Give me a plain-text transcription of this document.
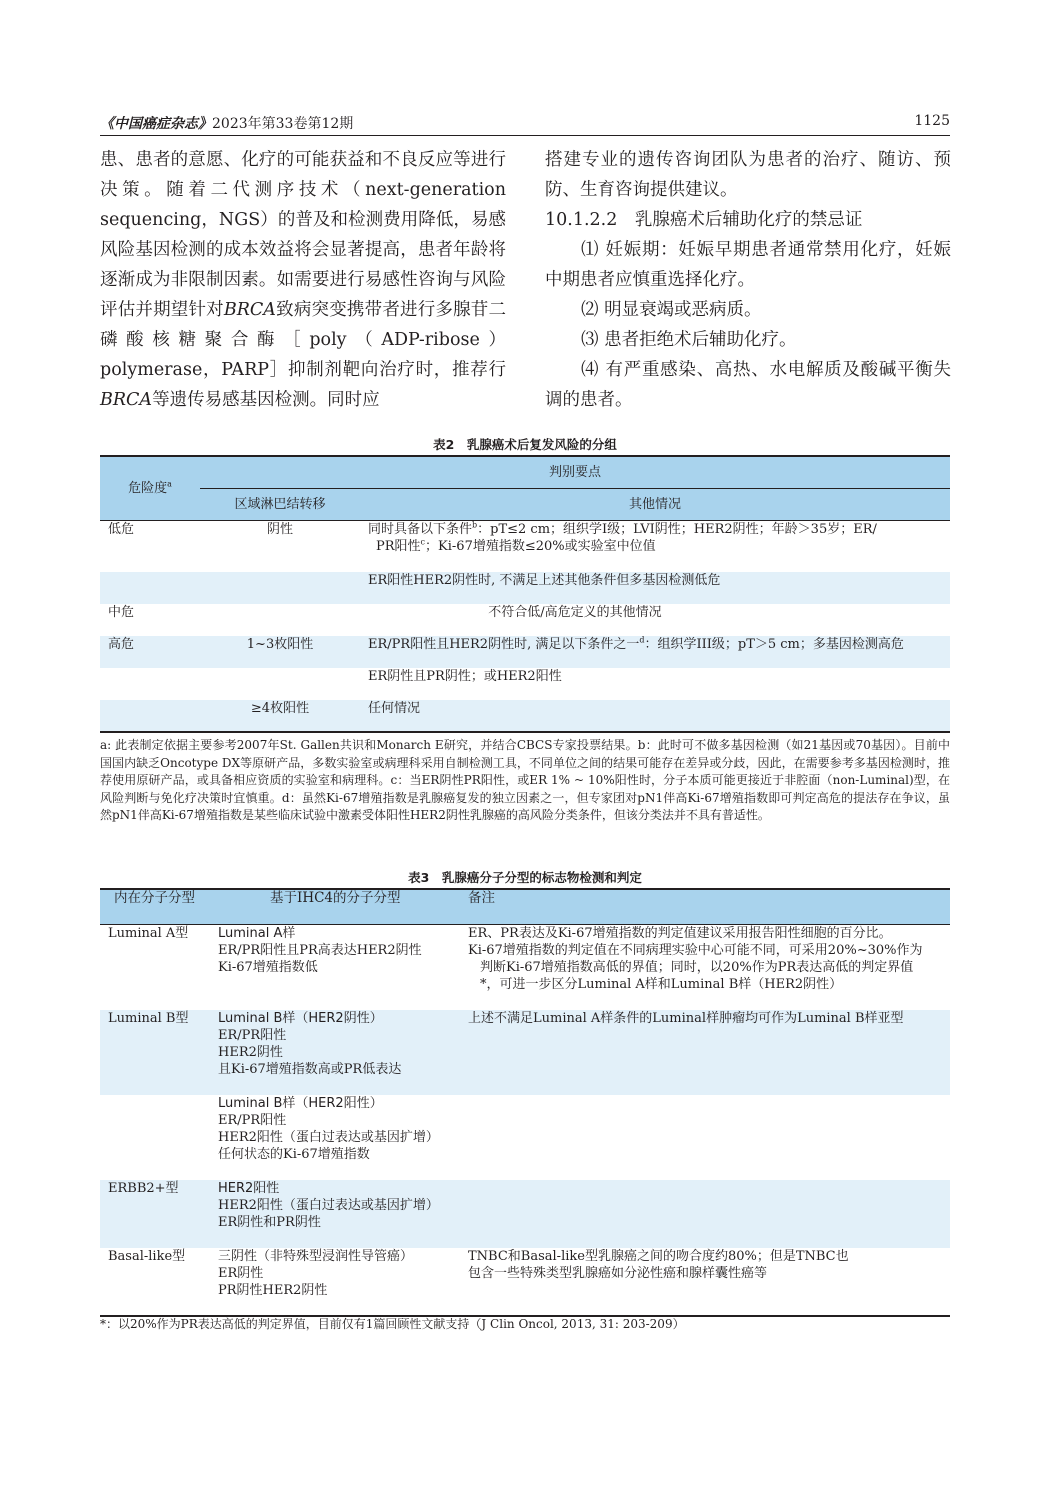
《中国癌症杂志》2023年第33卷第12期	1125

患、患者的意愿、化疗的可能获益和不良反应等进行决策。随着二代测序技术（next-generation sequencing，NGS）的普及和检测费用降低，易感风险基因检测的成本效益将会显著提高，患者年龄将逐渐成为非限制因素。如需要进行易感性咨询与风险评估并期望针对BRCA致病突变携带者进行多腺苷二磷酸核糖聚合酶［poly（ADP-ribose）polymerase，PARP］抑制剂靶向治疗时，推荐行BRCA等遗传易感基因检测。同时应

搭建专业的遗传咨询团队为患者的治疗、随访、预防、生育咨询提供建议。

10.1.2.2　乳腺癌术后辅助化疗的禁忌证

⑴ 妊娠期：妊娠早期患者通常禁用化疗，妊娠中期患者应慎重选择化疗。

⑵ 明显衰竭或恶病质。

⑶ 患者拒绝术后辅助化疗。

⑷ 有严重感染、高热、水电解质及酸碱平衡失调的患者。

表2　乳腺癌术后复发风险的分组
危险度$^a$	判别要点	
	区域淋巴结转移	其他情况
低危	阴性	同时具备以下条件$^b$：pT≤2 cm；组织学Ⅰ级；LVI阴性；HER2阴性；年龄＞35岁；ER/
PR阳性$^c$；Ki-67增殖指数≤20%或实验室中位值
		ER阳性HER2阴性时, 不满足上述其他条件但多基因检测低危
中危	不符合低/高危定义的其他情况	
高危	1~3枚阳性	ER/PR阳性且HER2阴性时, 满足以下条件之一$^d$：组织学III级；pT＞5 cm；多基因检测高危
		ER阴性且PR阴性；或HER2阳性
	≥4枚阳性	任何情况
a: 此表制定依据主要参考2007年St. Gallen共识和Monarch E研究，并结合CBCS专家投票结果。b：此时可不做多基因检测（如21基因或70基因）。目前中国国内缺乏Oncotype DX等原研产品，多数实验室或病理科采用自制检测工具，不同单位之间的结果可能存在差异或分歧，因此，在需要参考多基因检测时，推荐使用原研产品，或具备相应资质的实验室和病理科。c：当ER阴性PR阳性，或ER 1% ~ 10%阳性时，分子本质可能更接近于非腔面（non-Luminal)型，在风险判断与免化疗决策时宜慎重。d：虽然Ki-67增殖指数是乳腺癌复发的独立因素之一，但专家团对pN1伴高Ki-67增殖指数即可判定高危的提法存在争议，虽然pN1伴高Ki-67增殖指数是某些临床试验中激素受体阳性HER2阴性乳腺癌的高风险分类条件，但该分类法并不具有普适性。
表3　乳腺癌分子分型的标志物检测和判定
内在分子分型	基于IHC4的分子分型	备注
Luminal A型	Luminal A样
ER/PR阳性且PR高表达HER2阴性
Ki-67增殖指数低	ER、PR表达及Ki-67增殖指数的判定值建议采用报告阳性细胞的百分比。
Ki-67增殖指数的判定值在不同病理实验中心可能不同，可采用20%~30%作为
判断Ki-67增殖指数高低的界值；同时，以20%作为PR表达高低的判定界值
*，可进一步区分Luminal A样和Luminal B样（HER2阴性）

Luminal B型	Luminal B样（HER2阴性）
ER/PR阳性
HER2阴性
且Ki-67增殖指数高或PR低表达	上述不满足Luminal A样条件的Luminal样肿瘤均可作为Luminal B样亚型

	Luminal B样（HER2阳性）
ER/PR阳性
HER2阳性（蛋白过表达或基因扩增）
任何状态的Ki-67增殖指数	

ERBB2+型	HER2阳性
HER2阳性（蛋白过表达或基因扩增）
ER阴性和PR阴性	

Basal-like型	三阴性（非特殊型浸润性导管癌）
ER阴性
PR阴性HER2阴性	TNBC和Basal-like型乳腺癌之间的吻合度约80%；但是TNBC也
包含一些特殊类型乳腺癌如分泌性癌和腺样囊性癌等
*：以20%作为PR表达高低的判定界值，目前仅有1篇回顾性文献支持（J Clin Oncol, 2013, 31: 203-209）
